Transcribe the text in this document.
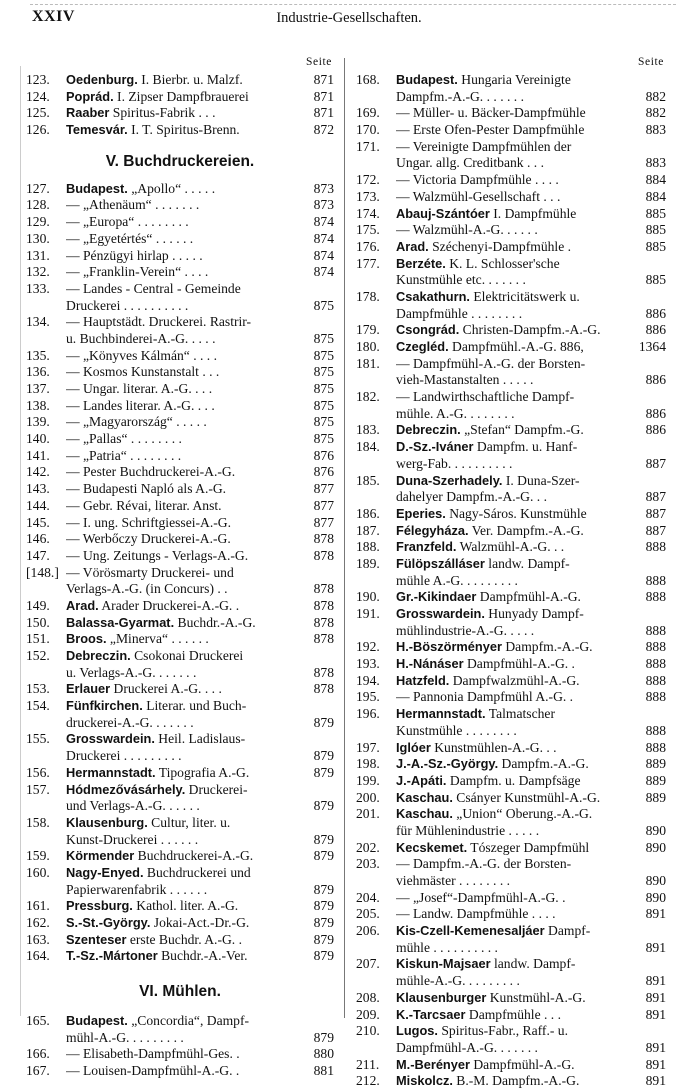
XXIV	Industrie-Gesellschaften.
Seite
123.	Oedenburg. I. Bierbr. u. Malzf.	871
124.	Poprád. I. Zipser Dampfbrauerei	871
125.	Raaber Spiritus-Fabrik . . .	871
126.	Temesvár. I. T. Spiritus-Brenn.	872
V. Buchdruckereien.
127.	Budapest. „Apollo“ . . . . .	873
128.	— „Athenäum“ . . . . . . .	873
129.	— „Europa“ . . . . . . . .	874
130.	— „Egyetértés“ . . . . . .	874
131.	— Pénzügyi hirlap . . . . .	874
132.	— „Franklin-Verein“ . . . .	874
133.	— Landes - Central - Gemeinde
Druckerei . . . . . . . . . .	875
134.	— Hauptstädt. Druckerei. Rastrir-
u. Buchbinderei-A.-G. . . . .	875
135.	— „Könyves Kálmán“ . . . .	875
136.	— Kosmos Kunstanstalt . . .	875
137.	— Ungar. literar. A.-G. . . .	875
138.	— Landes literar. A.-G. . . .	875
139.	— „Magyarország“ . . . . .	875
140.	— „Pallas“ . . . . . . . .	875
141.	— „Patria“ . . . . . . . .	876
142.	— Pester Buchdruckerei-A.-G.	876
143.	— Budapesti Napló als A.-G.	877
144.	— Gebr. Révai, literar. Anst.	877
145.	— I. ung. Schriftgiessei-A.-G.	877
146.	— Werbőczy Druckerei-A.-G.	878
147.	— Ung. Zeitungs - Verlags-A.-G.	878
[148.] — Vörösmarty Druckerei- und
Verlags-A.-G. (in Concurs) . .	878
149.	Arad. Arader Druckerei-A.-G. .	878
150.	Balassa-Gyarmat. Buchdr.-A.-G.	878
151.	Broos. „Minerva“ . . . . . .	878
152.	Debreczin. Csokonai Druckerei
u. Verlags-A.-G. . . . . . .	878
153.	Erlauer Druckerei A.-G. . . .	878
154.	Fünfkirchen. Literar. und Buch-
druckerei-A.-G. . . . . . .	879
155.	Grosswardein. Heil. Ladislaus-
Druckerei . . . . . . . . .	879
156.	Hermannstadt. Tipografia A.-G.	879
157.	Hódmezővásárhely. Druckerei-
und Verlags-A.-G. . . . . .	879
158.	Klausenburg. Cultur, liter. u.
Kunst-Druckerei . . . . . .	879
159.	Körmender Buchdruckerei-A.-G.	879
160.	Nagy-Enyed. Buchdruckerei und
Papierwarenfabrik . . . . . .	879
161.	Pressburg. Kathol. liter. A.-G.	879
162.	S.-St.-György. Jokai-Act.-Dr.-G.	879
163.	Szenteser erste Buchdr. A.-G. .	879
164.	T.-Sz.-Mártoner Buchdr.-A.-Ver.	879
VI. Mühlen.
165.	Budapest. „Concordia“, Dampf-
mühl-A.-G. . . . . . . . .	879
166.	— Elisabeth-Dampfmühl-Ges. .	880
167.	— Louisen-Dampfmühl-A.-G. .	881
Seite
168.	Budapest. Hungaria Vereinigte
Dampfm.-A.-G. . . . . . .	882
169.	— Müller- u. Bäcker-Dampfmühle	882
170.	— Erste Ofen-Pester Dampfmühle	883
171.	— Vereinigte Dampfmühlen der
Ungar. allg. Creditbank . . .	883
172.	— Victoria Dampfmühle . . . .	884
173.	— Walzmühl-Gesellschaft . . .	884
174.	Abauj-Szántóer I. Dampfmühle	885
175.	— Walzmühl-A.-G. . . . . .	885
176.	Arad. Széchenyi-Dampfmühle .	885
177.	Berzéte. K. L. Schlosser'sche
Kunstmühle etc. . . . . . .	885
178.	Csakathurn. Elektricitätswerk u.
Dampfmühle . . . . . . . .	886
179.	Csongrád. Christen-Dampfm.-A.-G.	886
180.	Czegléd. Dampfmühl.-A.-G. 886,	1364
181.	— Dampfmühl-A.-G. der Borsten-
vieh-Mastanstalten . . . . .	886
182.	— Landwirthschaftliche Dampf-
mühle. A.-G. . . . . . . .	886
183.	Debreczin. „Stefan“ Dampfm.-G.	886
184.	D.-Sz.-Iváner Dampfm. u. Hanf-
werg-Fab. . . . . . . . . .	887
185.	Duna-Szerhadely. I. Duna-Szer-
dahelyer Dampfm.-A.-G. . .	887
186.	Eperies. Nagy-Sáros. Kunstmühle	887
187.	Félegyháza. Ver. Dampfm.-A.-G.	887
188.	Franzfeld. Walzmühl-A.-G. . .	888
189.	Fülöpszálláser landw. Dampf-
mühle A.-G. . . . . . . . .	888
190.	Gr.-Kikindaer Dampfmühl-A.-G.	888
191.	Grosswardein. Hunyady Dampf-
mühlindustrie-A.-G. . . . .	888
192.	H.-Böszörményer Dampfm.-A.-G.	888
193.	H.-Nánáser Dampfmühl-A.-G. .	888
194.	Hatzfeld. Dampfwalzmühl-A.-G.	888
195.	— Pannonia Dampfmühl A.-G. .	888
196.	Hermannstadt. Talmatscher
Kunstmühle . . . . . . . .	888
197.	Iglóer Kunstmühlen-A.-G. . .	888
198.	J.-A.-Sz.-György. Dampfm.-A.-G.	889
199.	J.-Apáti. Dampfm. u. Dampfsäge	889
200.	Kaschau. Csányer Kunstmühl-A.-G.	889
201.	Kaschau. „Union“ Oberung.-A.-G.
für Mühlenindustrie . . . . .	890
202.	Kecskemet. Tószeger Dampfmühl	890
203.	— Dampfm.-A.-G. der Borsten-
viehmäster . . . . . . . .	890
204.	— „Josef“-Dampfmühl-A.-G. .	890
205.	— Landw. Dampfmühle . . . .	891
206.	Kis-Czell-Kemenesaljáer Dampf-
mühle . . . . . . . . . .	891
207.	Kiskun-Majsaer landw. Dampf-
mühle-A.-G. . . . . . . . .	891
208.	Klausenburger Kunstmühl-A.-G.	891
209.	K.-Tarcsaer Dampfmühle . . .	891
210.	Lugos. Spiritus-Fabr., Raff.- u.
Dampfmühl-A.-G. . . . . . .	891
211.	M.-Berényer Dampfmühl-A.-G.	891
212.	Miskolcz. B.-M. Dampfm.-A.-G.	891
